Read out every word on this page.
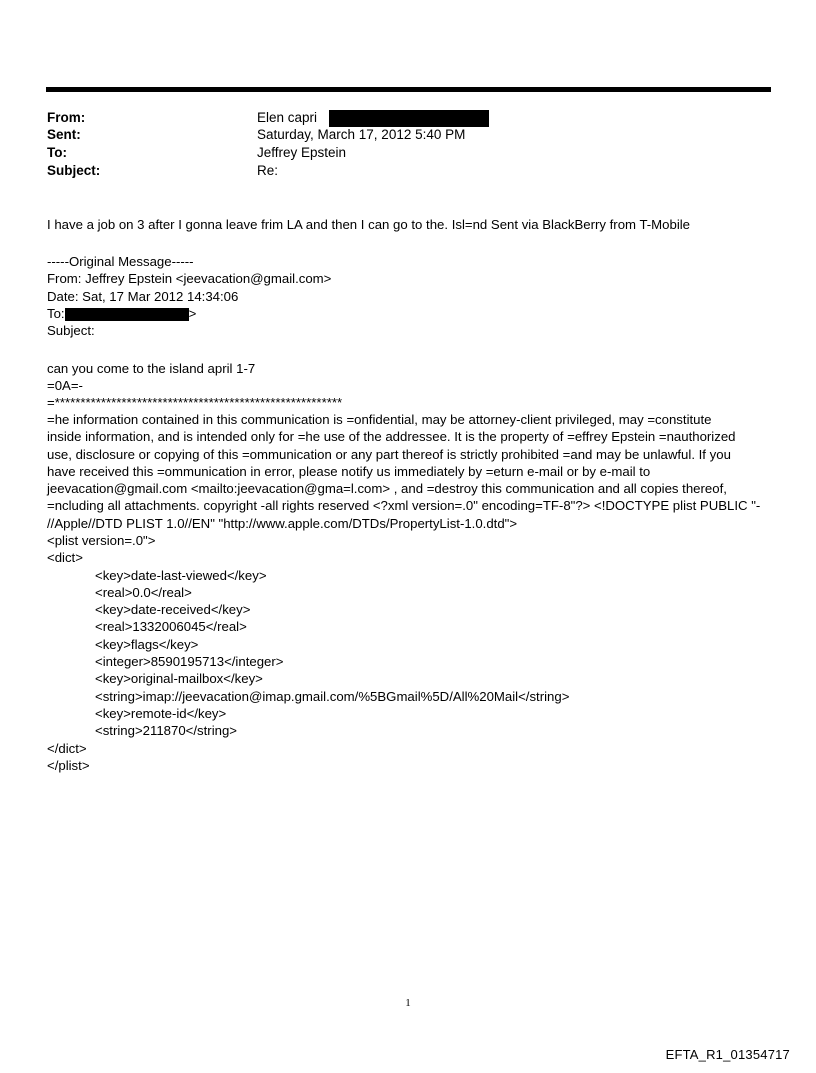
From:	Elen capri
Sent:	Saturday, March 17, 2012 5:40 PM
To:	Jeffrey Epstein
Subject:	Re:
I have a job on 3 after I gonna leave frim LA and then I can go to the. Isl=nd Sent via BlackBerry from T-Mobile
-----Original Message-----
From: Jeffrey Epstein <jeevacation@gmail.com>
Date: Sat, 17 Mar 2012 14:34:06
To:	>
Subject:
can you come to the island april 1-7
=0A=-
=********************************************************
=he information contained in this communication is =onfidential, may be attorney-client privileged, may =constitute
inside information, and is intended only for =he use of the addressee. It is the property of =effrey Epstein =nauthorized
use, disclosure or copying of this =ommunication or any part thereof is strictly prohibited =and may be unlawful. If you
have received this =ommunication in error, please notify us immediately by =eturn e-mail or by e-mail to
jeevacation@gmail.com <mailto:jeevacation@gma=l.com> , and =destroy this communication and all copies thereof,
=ncluding all attachments. copyright -all rights reserved <?xml version=.0" encoding=TF-8"?> <!DOCTYPE plist PUBLIC "-
//Apple//DTD PLIST 1.0//EN" "http://www.apple.com/DTDs/PropertyList-1.0.dtd">
<plist version=.0">
<dict>
<key>date-last-viewed</key>
<real>0.0</real>
<key>date-received</key>
<real>1332006045</real>
<key>flags</key>
<integer>8590195713</integer>
<key>original-mailbox</key>
<string>imap://jeevacation@imap.gmail.com/%5BGmail%5D/All%20Mail</string>
<key>remote-id</key>
<string>211870</string>
</dict>
</plist>
1
EFTA_R1_01354717
